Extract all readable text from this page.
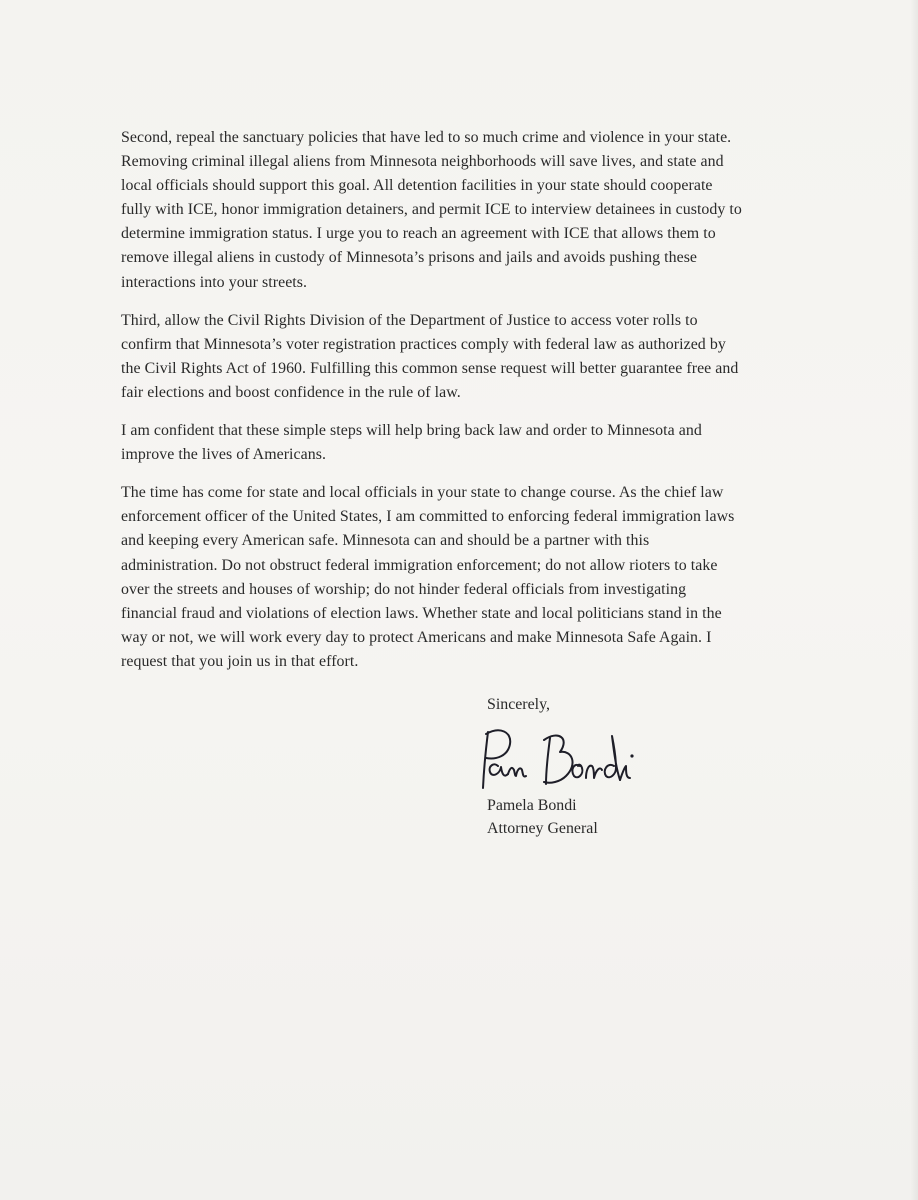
Second, repeal the sanctuary policies that have led to so much crime and violence in your state.
Removing criminal illegal aliens from Minnesota neighborhoods will save lives, and state and
local officials should support this goal. All detention facilities in your state should cooperate
fully with ICE, honor immigration detainers, and permit ICE to interview detainees in custody to
determine immigration status. I urge you to reach an agreement with ICE that allows them to
remove illegal aliens in custody of Minnesota’s prisons and jails and avoids pushing these
interactions into your streets.

Third, allow the Civil Rights Division of the Department of Justice to access voter rolls to
confirm that Minnesota’s voter registration practices comply with federal law as authorized by
the Civil Rights Act of 1960. Fulfilling this common sense request will better guarantee free and
fair elections and boost confidence in the rule of law.

I am confident that these simple steps will help bring back law and order to Minnesota and
improve the lives of Americans.

The time has come for state and local officials in your state to change course. As the chief law
enforcement officer of the United States, I am committed to enforcing federal immigration laws
and keeping every American safe. Minnesota can and should be a partner with this
administration. Do not obstruct federal immigration enforcement; do not allow rioters to take
over the streets and houses of worship; do not hinder federal officials from investigating
financial fraud and violations of election laws. Whether state and local politicians stand in the
way or not, we will work every day to protect Americans and make Minnesota Safe Again. I
request that you join us in that effort.

Sincerely,
Pamela Bondi
Attorney General
